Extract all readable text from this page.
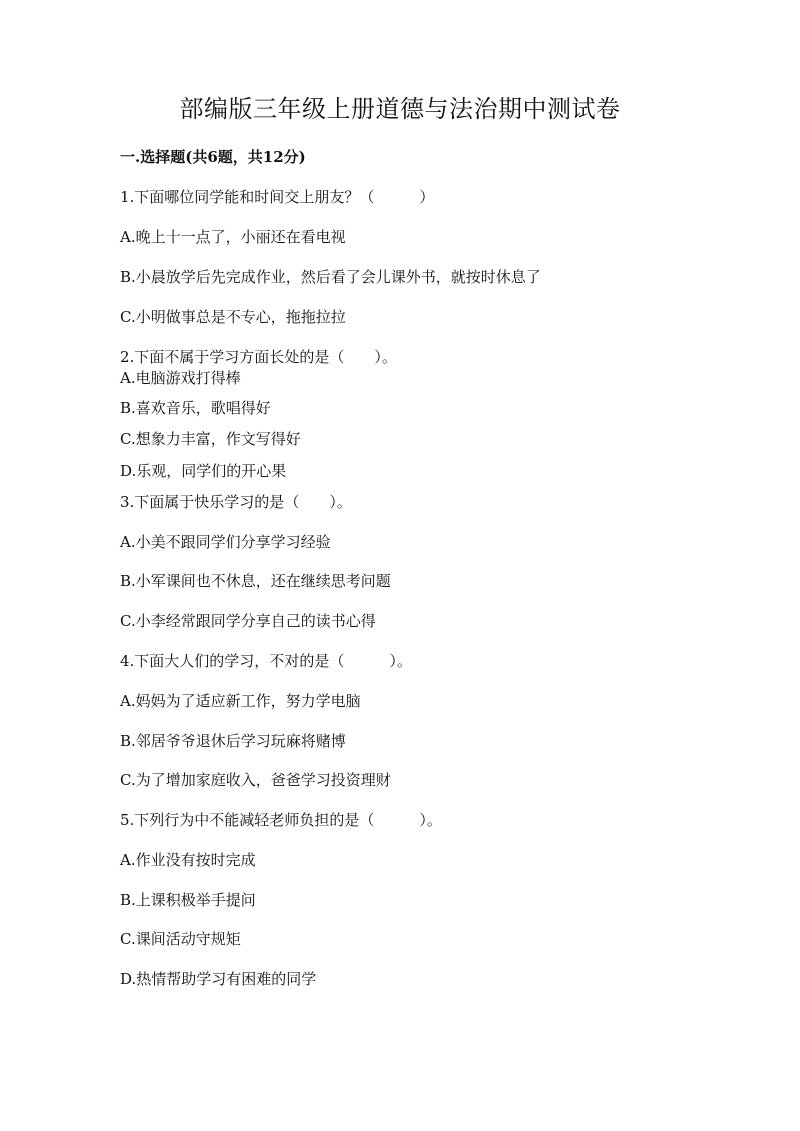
部编版三年级上册道德与法治期中测试卷
一.选择题(共6题，共12分)
1.下面哪位同学能和时间交上朋友？（　　　）
A.晚上十一点了，小丽还在看电视
B.小晨放学后先完成作业，然后看了会儿课外书，就按时休息了
C.小明做事总是不专心，拖拖拉拉
2.下面不属于学习方面长处的是（　　）。
A.电脑游戏打得棒
B.喜欢音乐，歌唱得好
C.想象力丰富，作文写得好
D.乐观，同学们的开心果
3.下面属于快乐学习的是（　　）。
A.小美不跟同学们分享学习经验
B.小军课间也不休息，还在继续思考问题
C.小李经常跟同学分享自己的读书心得
4.下面大人们的学习，不对的是（　　　）。
A.妈妈为了适应新工作，努力学电脑
B.邻居爷爷退休后学习玩麻将赌博
C.为了增加家庭收入，爸爸学习投资理财
5.下列行为中不能减轻老师负担的是（　　　）。
A.作业没有按时完成
B.上课积极举手提问
C.课间活动守规矩
D.热情帮助学习有困难的同学
